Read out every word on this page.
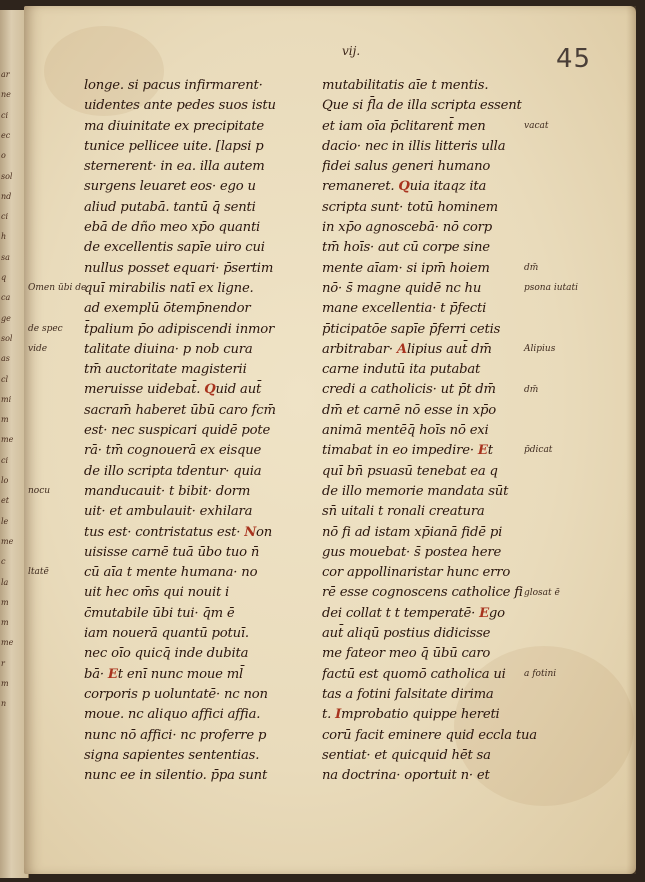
ar
ne
ci
ec
o
sol
nd
ci
h
sa
q
ca
ge
sol
as
cl
mi
m
me
ci
lo
et
le
me
c
la
m
m
me
r
m
n
vij.	45
longe. si pacus infirmarent·
uidentes ante pedes suos istu
ma diuinitate ex precipitate
tunice pellicee uite. [lapsi p
sternerent· in ea. illa autem
surgens leuaret eos· ego u
aliud putabā. tantū q̄ senti
ebā de dño meo xp̄o quanti
de excellentis sapīe uiro cui
nullus posset equari· p̄sertim
quī mirabilis natī ex ligne.
ad exemplū ōtemp̄nendor
t̄palium p̄o adipiscendi inmor
talitate diuina· p nob cura
tm̄ auctoritate magisterii
meruisse uidebat̄. Quid aut̄
sacram̄ haberet ūbū caro fcm̄
est· nec suspicari quidē pote
rā· tm̄ cognouerā ex eisque
de illo scripta tdentur· quia
manducauit· t bibit· dorm
uit· et ambulauit· exhilara
tus est· contristatus est· Non
uisisse carnē tuā ūbo tuo n̄
cū aīa t mente humana· no
uit hec om̄s qui nouit i
c̄mutabile ūbi tui· q̄m ē
iam nouerā quantū potuī.
nec oīo quicq̄ inde dubita
bā· Et enī nunc moue ml̄
corporis p uoluntatē· nc non
moue. nc aliquo affici affia.
nunc nō affici· nc proferre p
signa sapientes sententias.
nunc ee in silentio. p̄pa sunt
mutabilitatis aīe t mentis.
Que si f̄la de illa scripta essent
et iam oīa p̄clitarent̄ men
dacio· nec in illis litteris ulla
fidei salus generi humano
remaneret. Quia itaqz ita
scripta sunt· totū hominem
in xp̄o agnoscebā· nō corp
tm̄ hoīs· aut cū corpe sine
mente aīam· si ipm̄ hoiem
nō· s̄ magne quidē nc hu
mane excellentia· t p̄fecti
p̄ticipatōe sapīe p̄ferri cetis
arbitrabar· Alipius aut̄ dm̄
carne indutū ita putabat
credi a catholicis· ut p̄t dm̄
dm̄ et carnē nō esse in xp̄o
animā mentēq̄ hoīs nō exi
timabat in eo impedire· Et
quī bn̄ psuasū tenebat ea q
de illo memorie mandata sūt
sn̄ uitali t ronali creatura
nō fi ad istam xp̄ianā fidē pi
gus mouebat· s̄ postea here
cor appollinaristar hunc erro
rē esse cognoscens catholice fi
dei collat t t temperatē· Ego
aut̄ aliqū postius didicisse
me fateor meo q̄ ūbū caro
factū est quomō catholica ui
tas a fotini falsitate dirima
t. Improbatio quippe hereti
corū facit eminere quid eccla tua
sentiat· et quicquid hēt sa
na doctrina· oportuit n· et
Omen ūbi de
de spec
vide
nocu
ltatē
vacat
dm̄
psona iutati
Alipius
dm̄
p̄dicat
glosat ē
a fotini
